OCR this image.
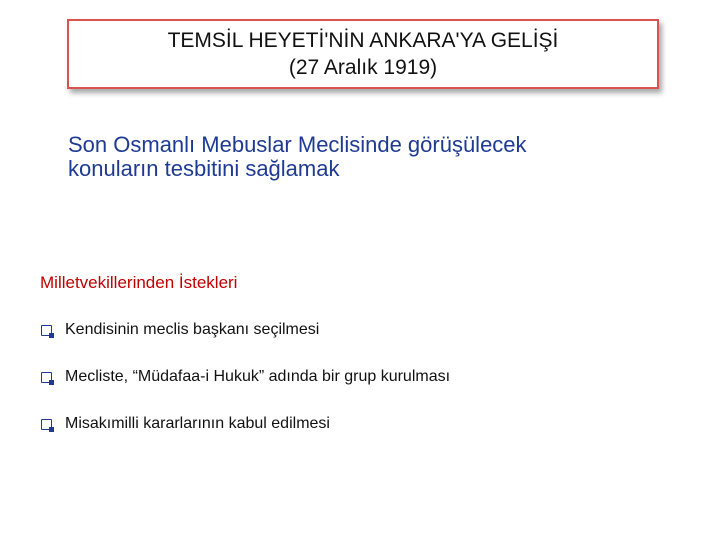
TEMSİL HEYETİ'NİN ANKARA'YA GELİŞİ
(27 Aralık 1919)
Son Osmanlı Mebuslar Meclisinde görüşülecek
konuların tesbitini sağlamak
Milletvekillerinden İstekleri
Kendisinin meclis başkanı seçilmesi
Mecliste, “Müdafaa-i Hukuk” adında bir grup kurulması
Misakımilli kararlarının kabul edilmesi
